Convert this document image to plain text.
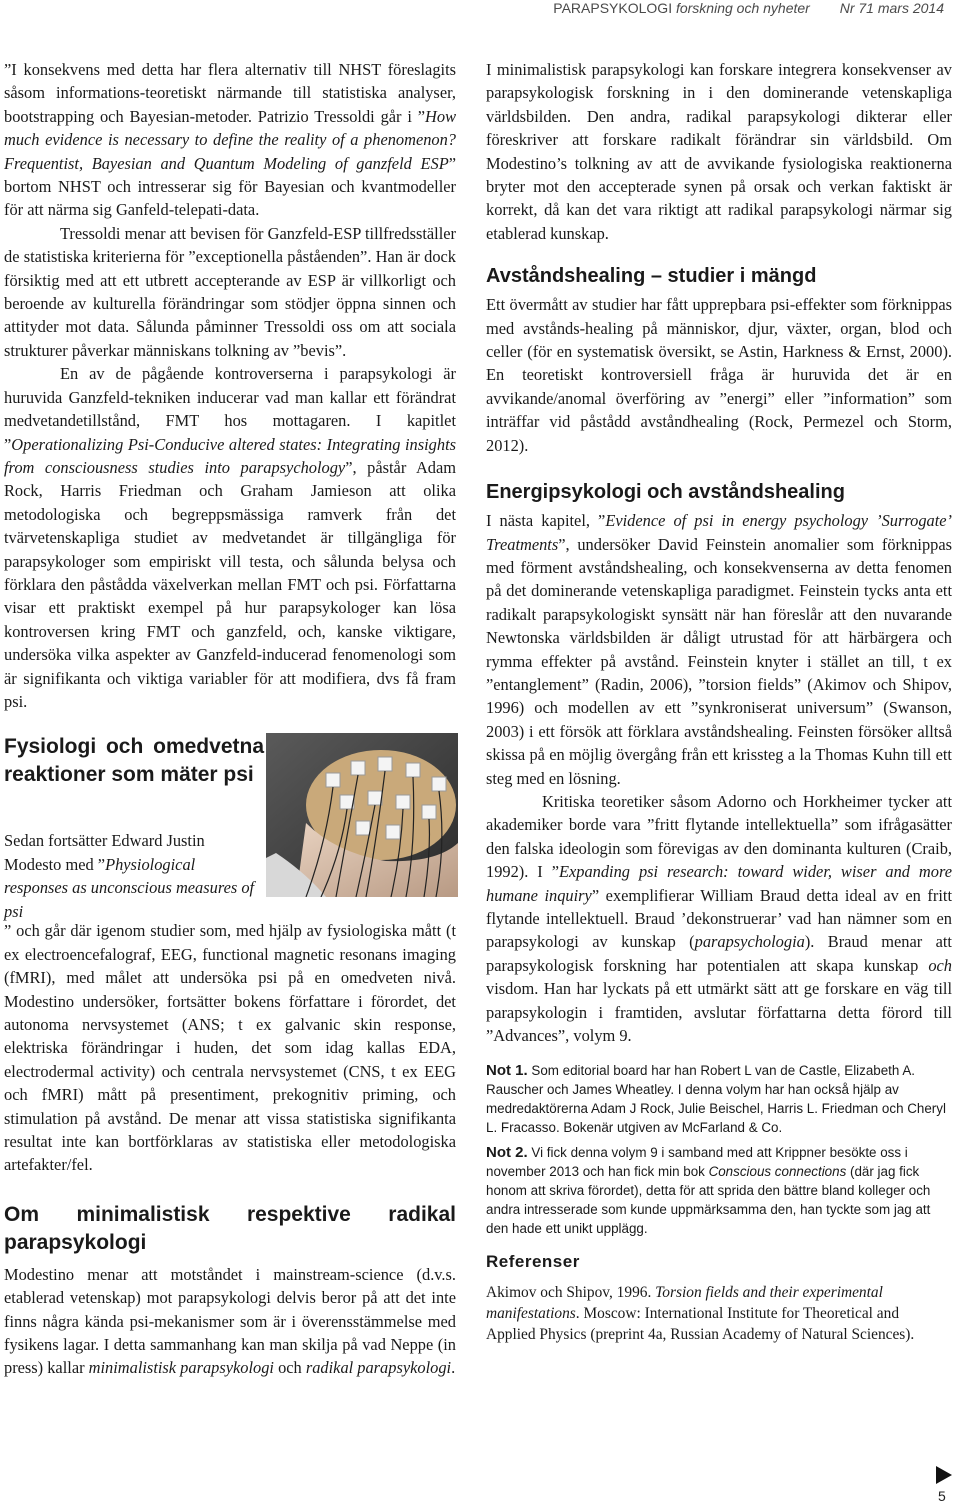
PARAPSYKOLOGI forskning och nyheter Nr 71 mars 2014

”I konsekvens med detta har flera alternativ till NHST föreslagits såsom informations-teoretiskt närmande till statistiska analyser, bootstrapping och Bayesian-metoder. Patrizio Tressoldi går i ”How much evidence is necessary to define the reality of a phenomenon? Frequentist, Bayesian and Quantum Modeling of ganzfeld ESP” bortom NHST och intresserar sig för Bayesian och kvantmodeller för att närma sig Ganfeld-telepati-data.

Tressoldi menar att bevisen för Ganzfeld-ESP tillfredsställer de statistiska kriterierna för ”exceptionella påståenden”. Han är dock försiktig med att ett utbrett accepterande av ESP är villkorligt och beroende av kulturella förändringar som stödjer öppna sinnen och attityder mot data. Sålunda påminner Tressoldi oss om att sociala strukturer påverkar människans tolkning av ”bevis”.

En av de pågående kontroverserna i parapsykologi är huruvida Ganzfeld-tekniken inducerar vad man kallar ett förändrat medvetandetillstånd, FMT hos mottagaren. I kapitlet ”Operationalizing Psi-Conducive altered states: Integrating insights from consciousness studies into parapsychology”, påstår Adam Rock, Harris Friedman och Graham Jamieson att olika metodologiska och begreppsmässiga ramverk från det tvärvetenskapliga studiet av medvetandet är tillgängliga för parapsykologer som empiriskt vill testa, och sålunda belysa och förklara den påstådda växelverkan mellan FMT och psi. Författarna visar ett praktiskt exempel på hur parapsykologer kan lösa kontroversen kring FMT och ganzfeld, och, kanske viktigare, undersöka vilka aspekter av Ganzfeld-inducerad fenomenologi som är signifikanta och viktiga variabler för att modifiera, dvs få fram psi.

Fysiologi och omedvetna reaktioner som mäter psi

Sedan fortsätter Edward Justin Modesto med ”Physiological responses as unconscious measures of psi

” och går där igenom studier som, med hjälp av fysiologiska mått (t ex electroencefalograf, EEG, functional magnetic resonans imaging (fMRI), med målet att undersöka psi på en omedveten nivå. Modestino undersöker, fortsätter bokens författare i förordet, det autonoma nervsystemet (ANS; t ex galvanic skin response, elektriska förändringar i huden, det som idag kallas EDA, electrodermal activity) och centrala nervsystemet (CNS, t ex EEG och fMRI) mått på presentiment, prekognitiv priming, och stimulation på avstånd. De menar att vissa statistiska signifikanta resultat inte kan bortförklaras av statistiska eller metodologiska artefakter/fel.

Om minimalistisk respektive radikal parapsykologi

Modestino menar att motståndet i mainstream-science (d.v.s. etablerad vetenskap) mot parapsykologi delvis beror på att det inte finns några kända psi-mekanismer som är i överensstämmelse med fysikens lagar. I detta sammanhang kan man skilja på vad Neppe (in press) kallar minimalistisk parapsykologi och radikal parapsykologi.

I minimalistisk parapsykologi kan forskare integrera konsekvenser av parapsykologisk forskning in i den dominerande vetenskapliga världsbilden. Den andra, radikal parapsykologi dikterar eller föreskriver att forskare radikalt förändrar sin världsbild. Om Modestino’s tolkning av att de avvikande fysiologiska reaktionerna bryter mot den accepterade synen på orsak och verkan faktiskt är korrekt, då kan det vara riktigt att radikal parapsykologi närmar sig etablerad kunskap.

Avståndshealing – studier i mängd

Ett övermått av studier har fått upprepbara psi-effekter som förknippas med avstånds-healing på människor, djur, växter, organ, blod och celler (för en systematisk översikt, se Astin, Harkness & Ernst, 2000). En teoretiskt kontroversiell fråga är huruvida det är en avvikande/anomal överföring av ”energi” eller ”information” som inträffar vid påstådd avståndhealing (Rock, Permezel och Storm, 2012).

Energipsykologi och avståndshealing

I nästa kapitel, ”Evidence of psi in energy psychology ’Surrogate’ Treatments”, undersöker David Feinstein anomalier som förknippas med förment avståndshealing, och konsekvenserna av detta fenomen på det dominerande vetenskapliga paradigmet. Feinstein tycks anta ett radikalt parapsykologiskt synsätt när han föreslår att den nuvarande Newtonska världsbilden är dåligt utrustad för att härbärgera och rymma effekter på avstånd. Feinstein knyter i stället an till, t ex ”entanglement” (Radin, 2006), ”torsion fields” (Akimov och Shipov, 1996) och modellen av ett ”synkroniserat universum” (Swanson, 2003) i ett försök att förklara avståndshealing. Feinsten försöker alltså skissa på en möjlig övergång från ett krissteg a la Thomas Kuhn till ett steg med en lösning.

Kritiska teoretiker såsom Adorno och Horkheimer tycker att akademiker borde vara ”fritt flytande intellektuella” som ifrågasätter den falska ideologin som förevigas av den dominanta kulturen (Craib, 1992). I ”Expanding psi research: toward wider, wiser and more humane inquiry” exemplifierar William Braud detta ideal av en fritt flytande intellektuell. Braud ’dekonstruerar’ vad han nämner som en parapsykologi av kunskap (parapsychologia). Braud menar att parapsykologisk forskning har potentialen att skapa kunskap och visdom. Han har lyckats på ett utmärkt sätt att ge forskare en väg till parapsykologin i framtiden, avslutar författarna detta förord till ”Advances”, volym 9.

Not 1. Som editorial board har han Robert L van de Castle, Elizabeth A. Rauscher och James Wheatley. I denna volym har han också hjälp av medredaktörerna Adam J Rock, Julie Beischel, Harris L. Friedman och Cheryl L. Fracasso. Bokenär utgiven av McFarland & Co.

Not 2. Vi fick denna volym 9 i samband med att Krippner besökte oss i november 2013 och han fick min bok Conscious connections (där jag fick honom att skriva förordet), detta för att sprida den bättre bland kolleger och andra intresserade som kunde uppmärksamma den, han tyckte som jag att den hade ett unikt upplägg.

Referenser

Akimov och Shipov, 1996. Torsion fields and their experimental manifestations. Moscow: International Institute for Theoretical and Applied Physics (preprint 4a, Russian Academy of Natural Sciences).

5
